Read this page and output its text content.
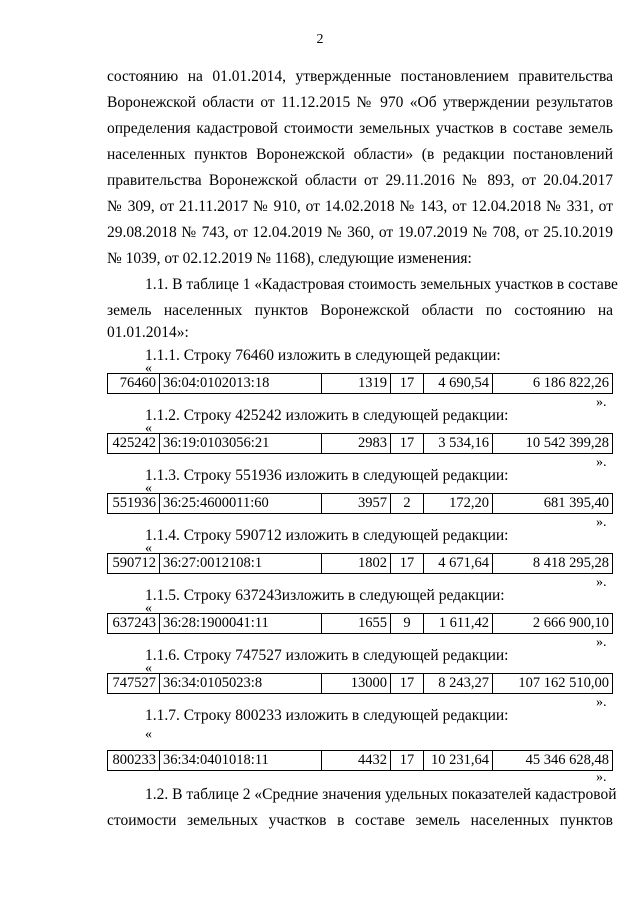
2

состоянию на 01.01.2014, утвержденные постановлением правительства

Воронежской области от 11.12.2015 № 970 «Об утверждении результатов

определения кадастровой стоимости земельных участков в составе земель

населенных пунктов Воронежской области» (в редакции постановлений

правительства Воронежской области от 29.11.2016 № 893, от 20.04.2017

№ 309, от 21.11.2017 № 910, от 14.02.2018 № 143, от 12.04.2018 № 331, от

29.08.2018 № 743, от 12.04.2019 № 360, от 19.07.2019 № 708, от 25.10.2019

№ 1039, от 02.12.2019 № 1168), следующие изменения:

1.1. В таблице 1 «Кадастровая стоимость земельных участков в составе

земель населенных пунктов Воронежской области по состоянию на

01.01.2014»:

1.1.1. Строку 76460 изложить в следующей редакции:

«
76460	36:04:0102013:18	1319	17	4 690,54	6 186 822,26
».

1.1.2. Строку 425242 изложить в следующей редакции:

«
425242	36:19:0103056:21	2983	17	3 534,16	10 542 399,28
».

1.1.3. Строку 551936 изложить в следующей редакции:

«
551936	36:25:4600011:60	3957	2	172,20	681 395,40
».

1.1.4. Строку 590712 изложить в следующей редакции:

«
590712	36:27:0012108:1	1802	17	4 671,64	8 418 295,28
».

1.1.5. Строку 637243изложить в следующей редакции:

«
637243	36:28:1900041:11	1655	9	1 611,42	2 666 900,10
».

1.1.6. Строку 747527 изложить в следующей редакции:

«
747527	36:34:0105023:8	13000	17	8 243,27	107 162 510,00
».

1.1.7. Строку 800233 изложить в следующей редакции:

«
800233	36:34:0401018:11	4432	17	10 231,64	45 346 628,48
».

1.2. В таблице 2 «Средние значения удельных показателей кадастровой

стоимости земельных участков в составе земель населенных пунктов
